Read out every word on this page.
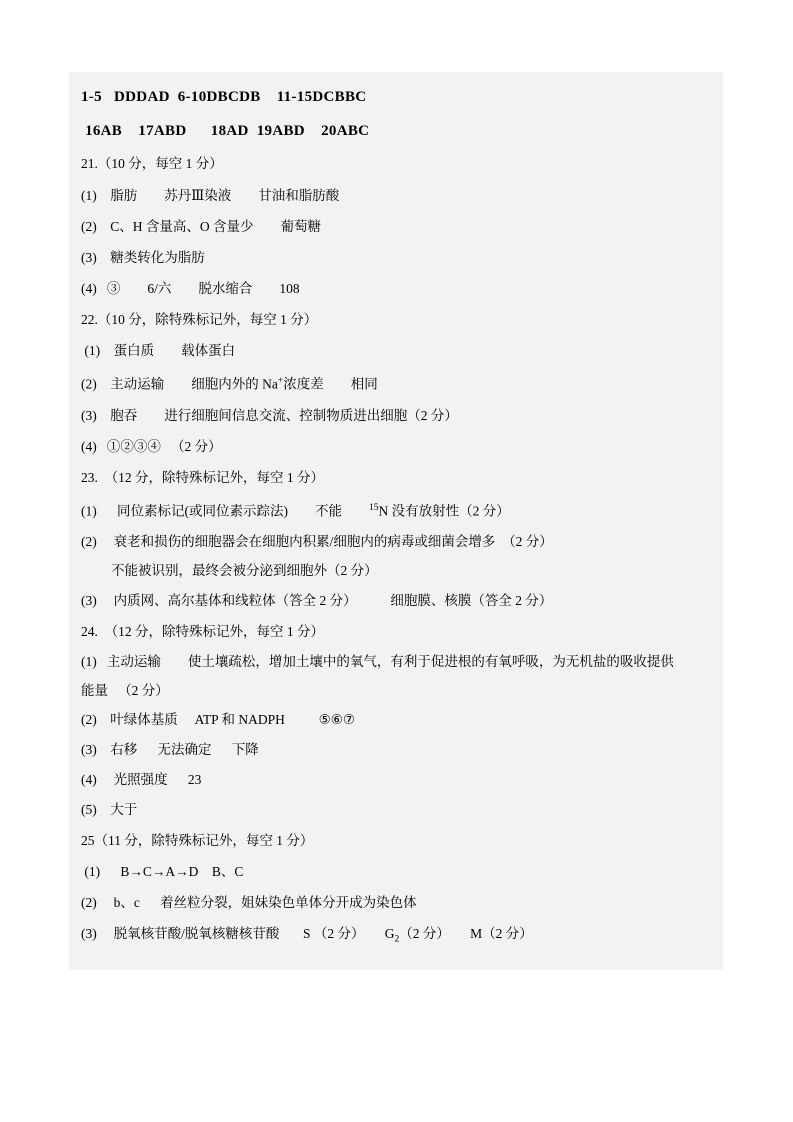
1-5   DDDAD  6-10DBCDB    11-15DCBBC
16AB    17ABD      18AD  19ABD    20ABC
21.（10 分，每空 1 分）
(1)    脂肪        苏丹Ⅲ染液        甘油和脂肪酸
(2)    C、H 含量高、O 含量少        葡萄糖
(3)    糖类转化为脂肪
(4)   ③        6/六        脱水缩合        108
22.（10 分，除特殊标记外，每空 1 分）
(1)    蛋白质        载体蛋白
(2)    主动运输        细胞内外的 Na+浓度差        相同
(3)    胞吞        进行细胞间信息交流、控制物质进出细胞（2 分）
(4)   ①②③④   （2 分）
23.  （12 分，除特殊标记外，每空 1 分）
(1)      同位素标记(或同位素示踪法)        不能        $^{15}$N 没有放射性（2 分）
(2)     衰老和损伤的细胞器会在细胞内积累/细胞内的病毒或细菌会增多  （2 分）
不能被识别，最终会被分泌到细胞外（2 分）
(3)     内质网、高尔基体和线粒体（答全 2 分）          细胞膜、核膜（答全 2 分）
24.  （12 分，除特殊标记外，每空 1 分）
(1)   主动运输        使土壤疏松，增加土壤中的氧气，有利于促进根的有氧呼吸，为无机盐的吸收提供
能量   （2 分）
(2)    叶绿体基质     ATP 和 NADPH          ⑤⑥⑦
(3)    右移      无法确定      下降
(4)     光照强度      23
(5)    大于
25（11 分，除特殊标记外，每空 1 分）
(1)      B→C→A→D    B、C
(2)     b、c      着丝粒分裂，姐妹染色单体分开成为染色体
(3)     脱氧核苷酸/脱氧核糖核苷酸       S （2 分）      $G_2(2$ 分）      M（2 分）
